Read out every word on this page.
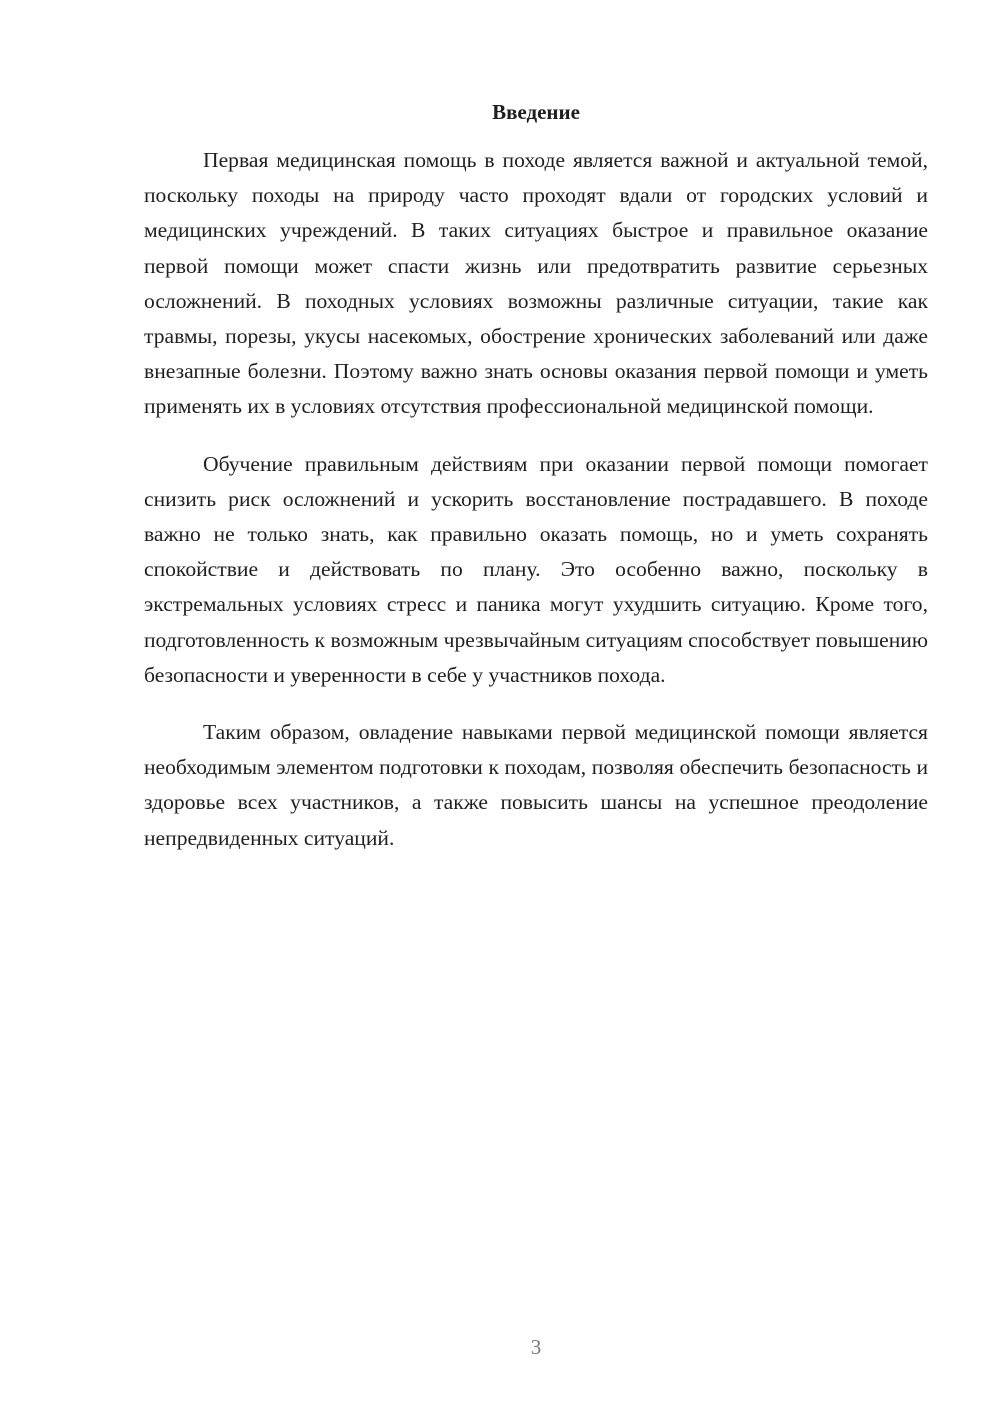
Введение

Первая медицинская помощь в походе является важной и актуальной темой, поскольку походы на природу часто проходят вдали от городских условий и медицинских учреждений. В таких ситуациях быстрое и правильное оказание первой помощи может спасти жизнь или предотвратить развитие серьезных осложнений. В походных условиях возможны различные ситуации, такие как травмы, порезы, укусы насекомых, обострение хронических заболеваний или даже внезапные болезни. Поэтому важно знать основы оказания первой помощи и уметь применять их в условиях отсутствия профессиональной медицинской помощи.

Обучение правильным действиям при оказании первой помощи помогает снизить риск осложнений и ускорить восстановление пострадавшего. В походе важно не только знать, как правильно оказать помощь, но и уметь сохранять спокойствие и действовать по плану. Это особенно важно, поскольку в экстремальных условиях стресс и паника могут ухудшить ситуацию. Кроме того, подготовленность к возможным чрезвычайным ситуациям способствует повышению безопасности и уверенности в себе у участников похода.

Таким образом, овладение навыками первой медицинской помощи является необходимым элементом подготовки к походам, позволяя обеспечить безопасность и здоровье всех участников, а также повысить шансы на успешное преодоление непредвиденных ситуаций.

3
